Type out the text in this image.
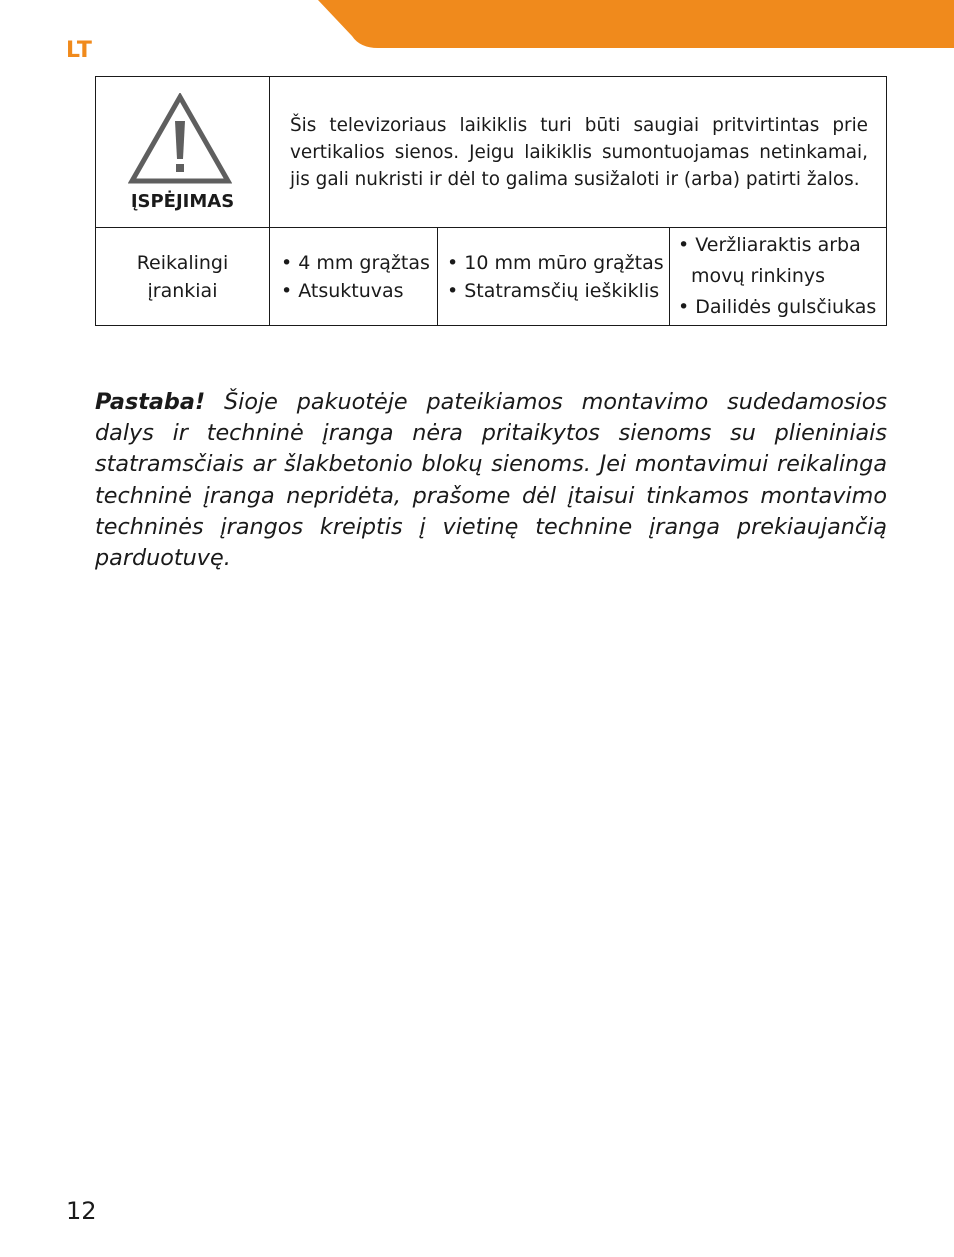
LT
ĮSPĖJIMAS
Šis televizoriaus laikiklis turi būti saugiai pritvirtintas prie vertikalios sienos. Jeigu laikiklis sumontuojamas netinkamai, jis gali nukristi ir dėl to galima susižaloti ir (arba) patirti žalos.
Reikalingi
įrankiai
• 4 mm grąžtas
• Atsuktuvas
• 10 mm mūro grąžtas
• Statramsčių ieškiklis
• Veržliaraktis arba
movų rinkinys
• Dailidės gulsčiukas
Pastaba! Šioje pakuotėje pateikiamos montavimo sudedamosios dalys ir techninė įranga nėra pritaikytos sienoms su plieniniais statramsčiais ar šlakbetonio blokų sienoms. Jei montavimui reikalinga techninė įranga nepridėta, prašome dėl įtaisui tinkamos montavimo techninės įrangos kreiptis į vietinę technine įranga prekiaujančią parduotuvę.
12
